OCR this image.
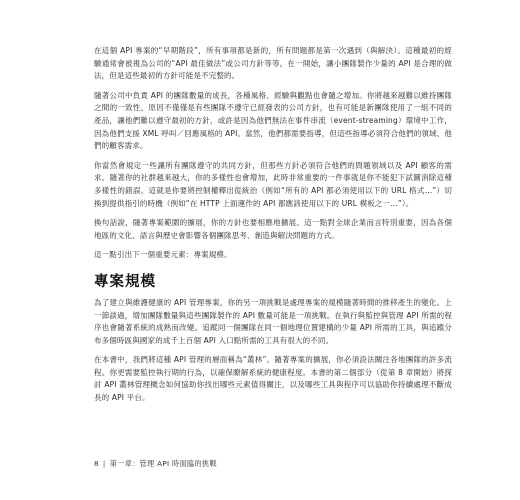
在這個 API 專案的“早期階段”，所有事項都是新的，所有問題都是第一次遇到（與解決）。這種最初的經驗通常會被視為公司的“API 最佳做法”或公司方針等等。在一開始，讓小團隊製作少量的 API 是合理的做法，但是這些最初的方針可能是不完整的。

隨著公司中負責 API 的團隊數量的成長，各種風格、經驗與觀點也會隨之增加。你將越來越難以維持團隊之間的一致性，原因不僅僅是有些團隊不遵守已經發表的公司方針，也有可能是新團隊使用了一組不同的產品，讓他們難以遵守最初的方針，或許是因為他們無法在事件串流（event-streaming）環境中工作，因為他們支援 XML 呼叫／回應風格的 API。當然，他們都需要指導，但這些指導必須符合他們的領域、他們的顧客需求。

你當然會規定一些讓所有團隊遵守的共同方針，但那些方針必須符合他們的問題領域以及 API 顧客的需求。隨著你的社群越來越大，你的多樣性也會增加，此時非常重要的一件事就是你不能犯下試圖消除這種多樣性的錯誤。這就是你要將控制權釋出從統治（例如“所有的 API 都必須使用以下的 URL 格式…”）切換到提供指引的時機（例如“在 HTTP 上面運作的 API 都應該使用以下的 URL 模板之一…”）。

換句話說，隨著專案範圍的擴展，你的方針也要相應地擴展。這一點對全球企業而言特別重要，因為各個地區的文化、語言與歷史會影響各個團隊思考、創造與解決問題的方式。

這一點引出下一個重要元素：專案規模。

專案規模

為了建立與維護健康的 API 管理專案，你的另一項挑戰是處理專案的規模隨著時間的推移產生的變化。上一節談過，增加團隊數量與這些團隊製作的 API 數量可能是一項挑戰。在執行與監控與管理 API 所需的程序也會隨著系統的成熟而改變。追蹤同一個團隊在同一個地理位置建構的少量 API 所需的工具，與追蹤分布多個時區與國家的成千上百個 API 入口點所需的工具有很大的不同。

在本書中，我們將這種 API 管理的層面稱為“叢林”。隨著專案的擴展，你必須設法關注各地團隊的許多流程。你更需要監控執行期的行為，以確保瞭解系統的健康程度。本書的第二個部分（從第 8 章開始）將探討 API 叢林管理概念如何協助你找出哪些元素值得關注，以及哪些工具與程序可以協助你持續處理不斷成長的 API 平台。

8 | 第一章：管理 API 時面臨的挑戰
